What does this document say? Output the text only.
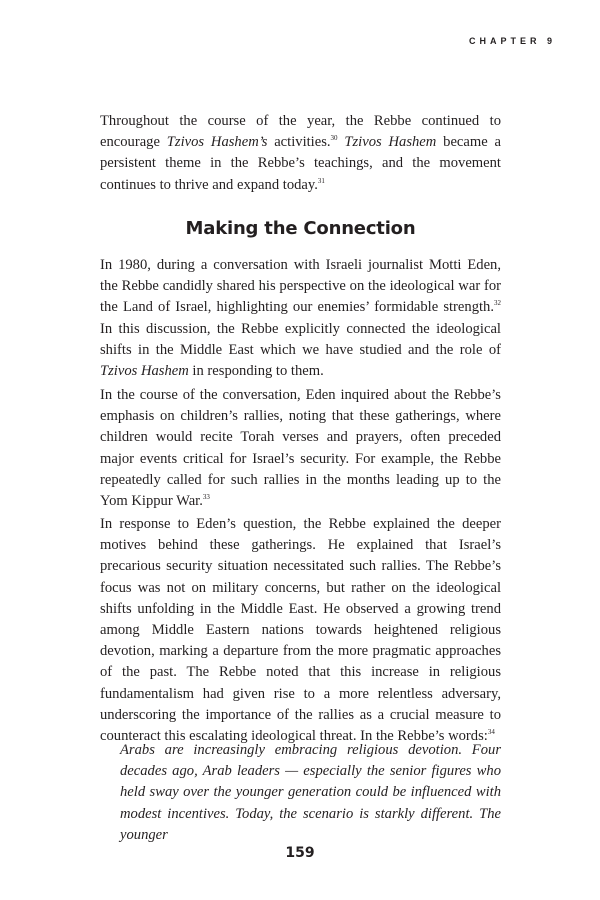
CHAPTER 9

Throughout the course of the year, the Rebbe continued to encourage Tzivos Hashem’s activities.$^{30}$ Tzivos Hashem became a persistent theme in the Rebbe’s teachings, and the movement continues to thrive and expand today.$^{31}$

Making the Connection

In 1980, during a conversation with Israeli journalist Motti Eden, the Rebbe candidly shared his perspective on the ideological war for the Land of Israel, highlighting our enemies’ formidable strength.$^{32}$ In this discussion, the Rebbe explicitly connected the ideological shifts in the Middle East which we have studied and the role of Tzivos Hashem in responding to them.

In the course of the conversation, Eden inquired about the Rebbe’s emphasis on children’s rallies, noting that these gatherings, where children would recite Torah verses and prayers, often preceded major events critical for Israel’s security. For example, the Rebbe repeatedly called for such rallies in the months leading up to the Yom Kippur War.$^{33}$

In response to Eden’s question, the Rebbe explained the deeper motives behind these gatherings. He explained that Israel’s precarious security situation necessitated such rallies. The Rebbe’s focus was not on military concerns, but rather on the ideological shifts unfolding in the Middle East. He observed a growing trend among Middle Eastern nations towards heightened religious devotion, marking a departure from the more pragmatic approaches of the past. The Rebbe noted that this increase in religious fundamentalism had given rise to a more relentless adversary, underscoring the importance of the rallies as a crucial measure to counteract this escalating ideological threat. In the Rebbe’s words:$^{34}$

Arabs are increasingly embracing religious devotion. Four decades ago, Arab leaders — especially the senior figures who held sway over the younger generation could be influenced with modest incentives. Today, the scenario is starkly different. The younger

159
